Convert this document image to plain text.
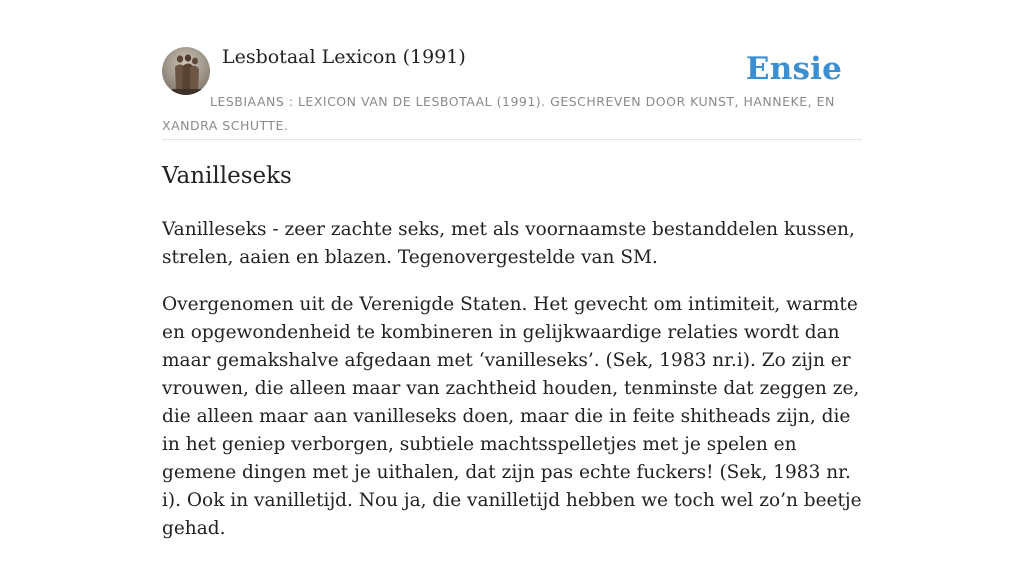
Lesbotaal Lexicon (1991)	Ensie
LESBIAANS : LEXICON VAN DE LESBOTAAL (1991). GESCHREVEN DOOR KUNST, HANNEKE, EN XANDRA SCHUTTE.
Vanilleseks

Vanilleseks - zeer zachte seks, met als voornaamste bestanddelen kussen, strelen, aaien en blazen. Tegenovergestelde van SM.

Overgenomen uit de Verenigde Staten. Het gevecht om intimiteit, warmte en opgewondenheid te kombineren in gelijkwaardige relaties wordt dan maar gemakshalve afgedaan met ‘vanilleseks’. (Sek, 1983 nr.i). Zo zijn er vrouwen, die alleen maar van zachtheid houden, tenminste dat zeggen ze, die alleen maar aan vanilleseks doen, maar die in feite shitheads zijn, die in het geniep verborgen, subtiele machtsspelletjes met je spelen en gemene dingen met je uithalen, dat zijn pas echte fuckers! (Sek, 1983 nr. i). Ook in vanilletijd. Nou ja, die vanilletijd hebben we toch wel zo’n beetje gehad.
